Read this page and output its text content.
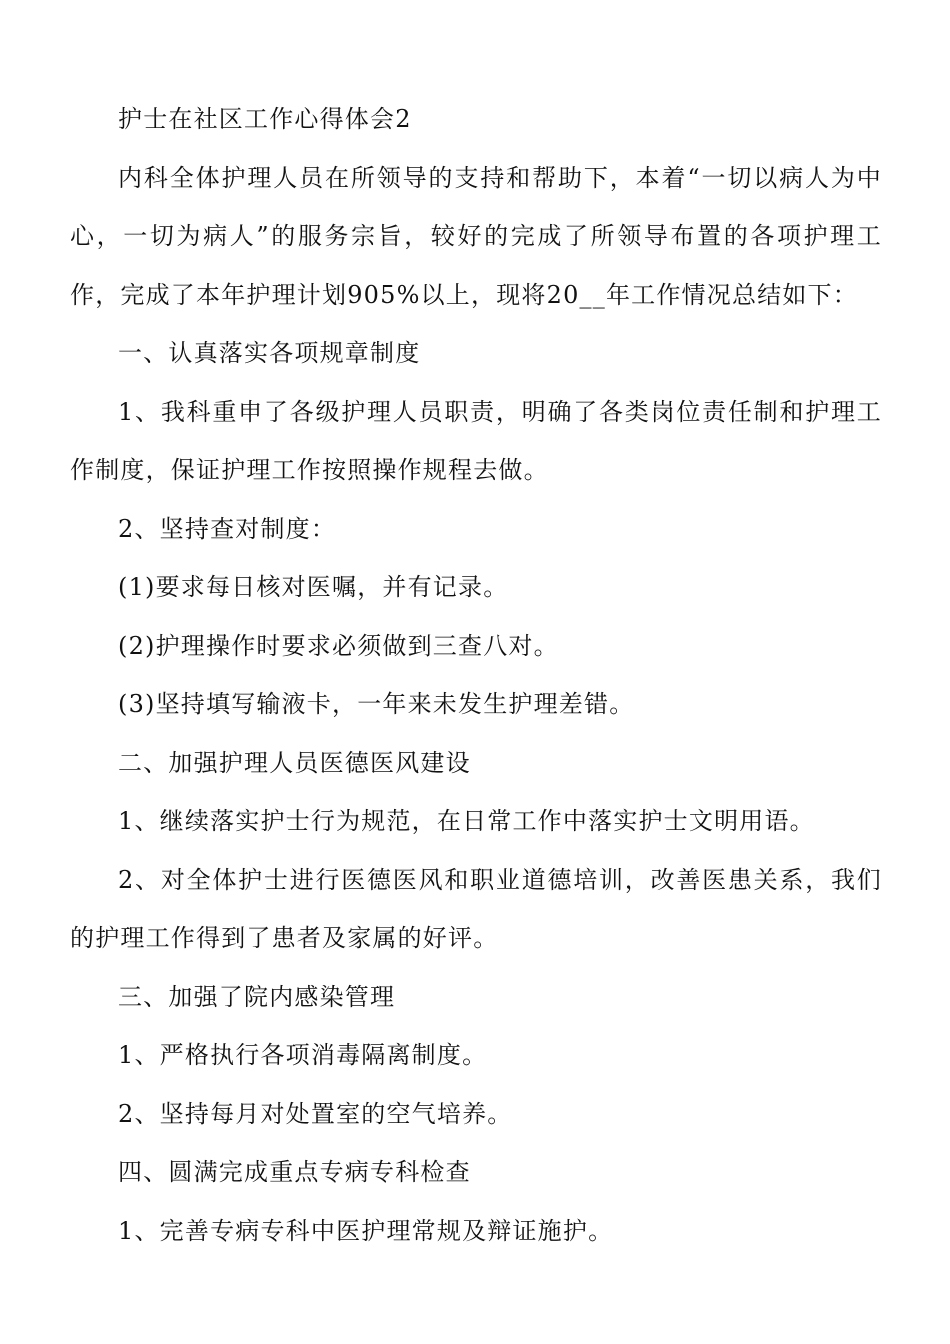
护士在社区工作心得体会2

内科全体护理人员在所领导的支持和帮助下，本着“一切以病人为中心，一切为病人”的服务宗旨，较好的完成了所领导布置的各项护理工作，完成了本年护理计划905%以上，现将20__年工作情况总结如下：

一、认真落实各项规章制度

1、我科重申了各级护理人员职责，明确了各类岗位责任制和护理工作制度，保证护理工作按照操作规程去做。

2、坚持查对制度：

(1)要求每日核对医嘱，并有记录。

(2)护理操作时要求必须做到三查八对。

(3)坚持填写输液卡，一年来未发生护理差错。

二、加强护理人员医德医风建设

1、继续落实护士行为规范，在日常工作中落实护士文明用语。

2、对全体护士进行医德医风和职业道德培训，改善医患关系，我们的护理工作得到了患者及家属的好评。

三、加强了院内感染管理

1、严格执行各项消毒隔离制度。

2、坚持每月对处置室的空气培养。

四、圆满完成重点专病专科检查

1、完善专病专科中医护理常规及辩证施护。
